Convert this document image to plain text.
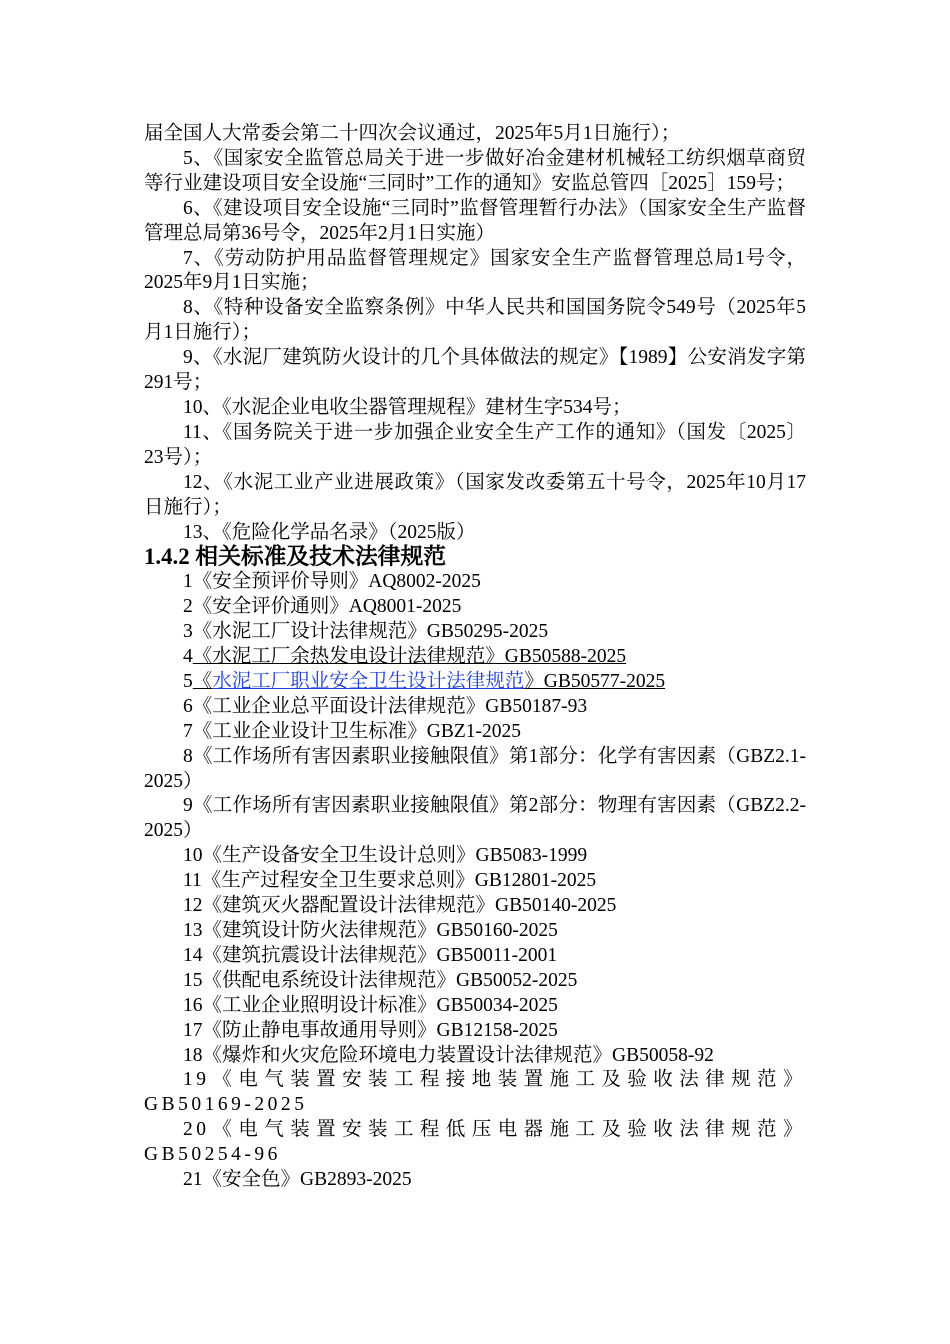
届全国人大常委会第二十四次会议通过，2025年5月1日施行）；

5、《国家安全监管总局关于进一步做好冶金建材机械轻工纺织烟草商贸等行业建设项目安全设施“三同时”工作的通知》安监总管四［2025］159号；

6、《建设项目安全设施“三同时”监督管理暂行办法》（国家安全生产监督管理总局第36号令，2025年2月1日实施）

7、《劳动防护用品监督管理规定》国家安全生产监督管理总局1号令，2025年9月1日实施；

8、《特种设备安全监察条例》中华人民共和国国务院令549号（2025年5月1日施行）；

9、《水泥厂建筑防火设计的几个具体做法的规定》【1989】公安消发字第291号；

10、《水泥企业电收尘器管理规程》建材生字534号；

11、《国务院关于进一步加强企业安全生产工作的通知》（国发〔2025〕23号）；

12、《水泥工业产业进展政策》（国家发改委第五十号令，2025年10月17日施行）；

13、《危险化学品名录》（2025版）

1.4.2 相关标准及技术法律规范

1《安全预评价导则》AQ8002-2025

2《安全评价通则》AQ8001-2025

3《水泥工厂设计法律规范》GB50295-2025

4《水泥工厂余热发电设计法律规范》GB50588-2025

5《水泥工厂职业安全卫生设计法律规范》GB50577-2025

6《工业企业总平面设计法律规范》GB50187-93

7《工业企业设计卫生标准》GBZ1-2025

8《工作场所有害因素职业接触限值》第1部分：化学有害因素（GBZ2.1-2025）

9《工作场所有害因素职业接触限值》第2部分：物理有害因素（GBZ2.2-2025）

10《生产设备安全卫生设计总则》GB5083-1999

11《生产过程安全卫生要求总则》GB12801-2025

12《建筑灭火器配置设计法律规范》GB50140-2025

13《建筑设计防火法律规范》GB50160-2025

14《建筑抗震设计法律规范》GB50011-2001

15《供配电系统设计法律规范》GB50052-2025

16《工业企业照明设计标准》GB50034-2025

17《防止静电事故通用导则》GB12158-2025

18《爆炸和火灾危险环境电力装置设计法律规范》GB50058-92

19《电气装置安装工程接地装置施工及验收法律规范》GB50169-2025

20《电气装置安装工程低压电器施工及验收法律规范》GB50254-96

21《安全色》GB2893-2025
